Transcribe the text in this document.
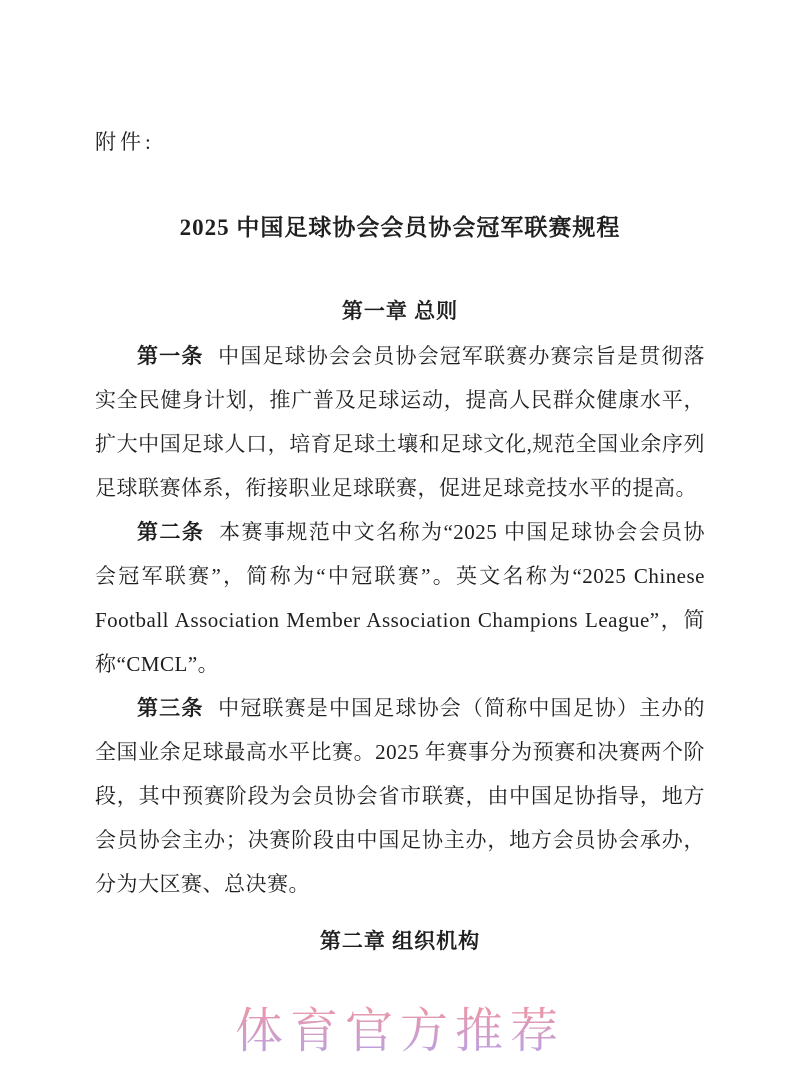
附件:

2025 中国足球协会会员协会冠军联赛规程
第一章 总则

第一条 中国足球协会会员协会冠军联赛办赛宗旨是贯彻落实全民健身计划，推广普及足球运动，提高人民群众健康水平，扩大中国足球人口，培育足球土壤和足球文化,规范全国业余序列足球联赛体系，衔接职业足球联赛，促进足球竞技水平的提高。

第二条 本赛事规范中文名称为“2025 中国足球协会会员协会冠军联赛”，简称为“中冠联赛”。英文名称为“2025 Chinese Football Association Member Association Champions League”，简称“CMCL”。

第三条 中冠联赛是中国足球协会（简称中国足协）主办的全国业余足球最高水平比赛。2025 年赛事分为预赛和决赛两个阶段，其中预赛阶段为会员协会省市联赛，由中国足协指导，地方会员协会主办；决赛阶段由中国足协主办，地方会员协会承办，分为大区赛、总决赛。

第二章 组织机构
体育官方推荐
